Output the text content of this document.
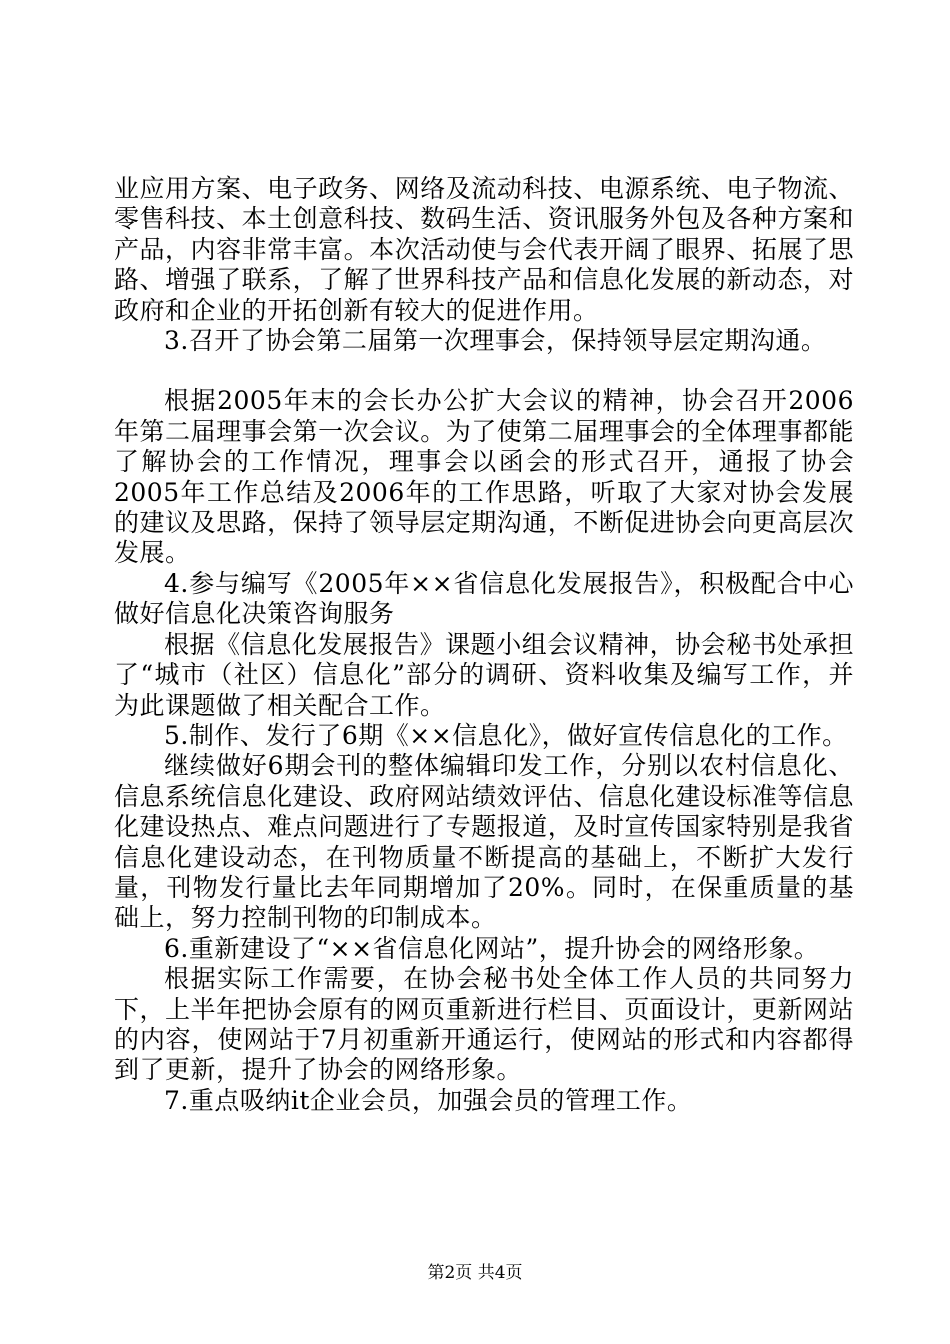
业应用方案、电子政务、网络及流动科技、电源系统、电子物流、零售科技、本土创意科技、数码生活、资讯服务外包及各种方案和产品，内容非常丰富。本次活动使与会代表开阔了眼界、拓展了思路、增强了联系，了解了世界科技产品和信息化发展的新动态，对政府和企业的开拓创新有较大的促进作用。

3.召开了协会第二届第一次理事会，保持领导层定期沟通。

根据2005年末的会长办公扩大会议的精神，协会召开2006年第二届理事会第一次会议。为了使第二届理事会的全体理事都能了解协会的工作情况，理事会以函会的形式召开，通报了协会2005年工作总结及2006年的工作思路，听取了大家对协会发展的建议及思路，保持了领导层定期沟通，不断促进协会向更高层次发展。

4.参与编写《2005年××省信息化发展报告》，积极配合中心做好信息化决策咨询服务

根据《信息化发展报告》课题小组会议精神，协会秘书处承担了“城市（社区）信息化”部分的调研、资料收集及编写工作，并为此课题做了相关配合工作。

5.制作、发行了6期《××信息化》，做好宣传信息化的工作。

继续做好6期会刊的整体编辑印发工作，分别以农村信息化、信息系统信息化建设、政府网站绩效评估、信息化建设标准等信息化建设热点、难点问题进行了专题报道，及时宣传国家特别是我省信息化建设动态，在刊物质量不断提高的基础上，不断扩大发行量，刊物发行量比去年同期增加了20%。同时，在保重质量的基础上，努力控制刊物的印制成本。

6.重新建设了“××省信息化网站”，提升协会的网络形象。

根据实际工作需要，在协会秘书处全体工作人员的共同努力下，上半年把协会原有的网页重新进行栏目、页面设计，更新网站的内容，使网站于7月初重新开通运行，使网站的形式和内容都得到了更新，提升了协会的网络形象。

7.重点吸纳it企业会员，加强会员的管理工作。

第2页 共4页
